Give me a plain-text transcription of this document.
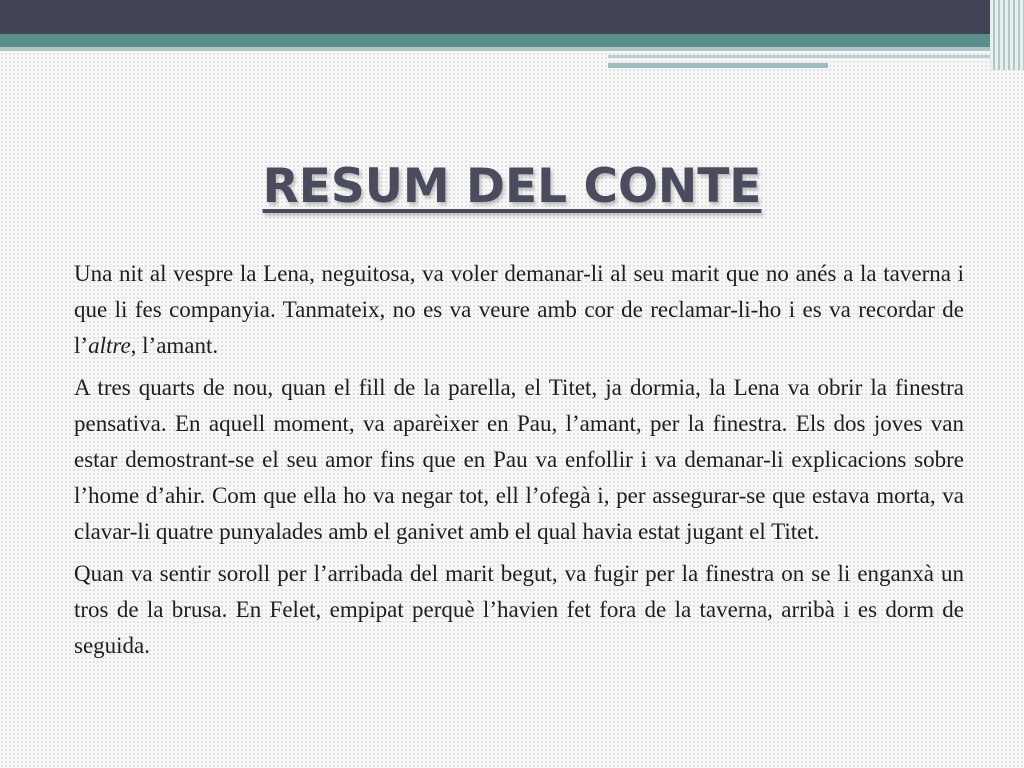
RESUM DEL CONTE

Una nit al vespre la Lena, neguitosa, va voler demanar-li al seu marit que no anés a la taverna i que li fes companyia. Tanmateix, no es va veure amb cor de reclamar-li-ho i es va recordar de l’altre, l’amant.

A tres quarts de nou, quan el fill de la parella, el Titet, ja dormia, la Lena va obrir la finestra pensativa. En aquell moment, va aparèixer en Pau, l’amant, per la finestra. Els dos joves van estar demostrant-se el seu amor fins que en Pau va enfollir i va demanar-li explicacions sobre l’home d’ahir. Com que ella ho va negar tot, ell l’ofegà i, per assegurar-se que estava morta, va clavar-li quatre punyalades amb el ganivet amb el qual havia estat jugant el Titet.

Quan va sentir soroll per l’arribada del marit begut, va fugir per la finestra on se li enganxà un tros de la brusa. En Felet, empipat perquè l’havien fet fora de la taverna, arribà i es dorm de seguida.
